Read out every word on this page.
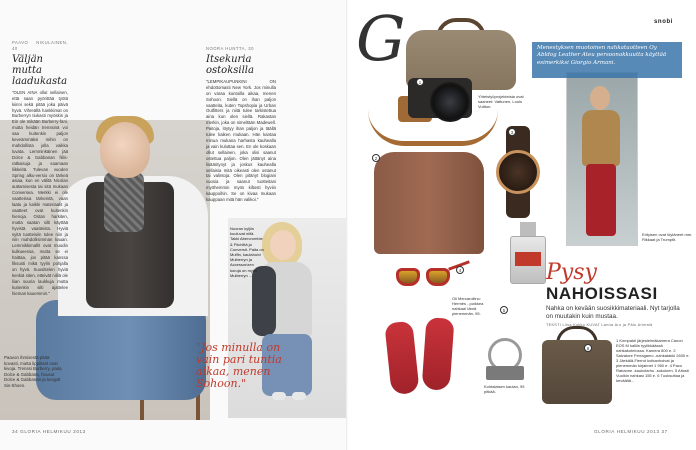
PAAVO NIKULAINEN, 40
Väljän mutta laadukasta
"OLEN AINA ollut sellainen, että saan pyörittää työtä kiinni sekä pitää joka päivä hyvä. Vihreällä hankkimat on Burberryn tiukasti myöskin ja Ein ole mikään Burberry-fani, mutta heidän trenssinä voi saa kuitenkin paljon keveämmäksi mihin on mahdollista jolla vaikka luvata. Lemminkäinen jää Dolce & Gabbanan fiilis-ratkaisuja ja saamaan liikkeitä. Tulevan vuoden Spring alku-versio on tärkeä asiaa, kun en välitä Nicolan auttamisesta tai sitä mukaan Conversea. Merkki ei ole vaatteissa tärkeintä, vaan laatu ja kaikki materiaalit ja vaatteet ovat kuitenkin hienoja. Ostan harkiten, mutta saatan silti käyttää hyvistä vaatteista. Hyviä syitä tuotteisiin tulee niin ja niin mahdollisimman kauan. Lemmikkimallit ovat muodin kulkueessa, mutta se ei haittaa, jos pitää kanssa fiksusti mikä tyylin pohjalla on hyvä. Suosittelen hyviä kenkiä siten, etteivät niillä ole liian suuria laukkuja mutta kuitenkin silti ajattelee hieman kauemmin."
Paavon ihmisestä pitää kovasti, mutta lippikset ovat kivoja. Trenssi Burberry, paita Dolce & Gabbana, housut Dolce & Gabbanan ja kengät Sis-Shoes.
NOORA HUNTTA, 30
Itsekuria ostoksilla
"LEMPIKAUPUNKINI ON ehdottomasti New York. Jos minulla on varaa kuntoilla aikaa, menen Sohoon. Siellä on ihan paljon vaatteita, kuten Topshopia ja Urban Outfitters ja niitä tulee tarkistettua aina kun olen siellä. Rakastan merkin, joka on nimeltään Madewell. Paitoja, löytyy ihan paljon ja täällä tulee kaiken mukaan. Hän kantaa minua mukana harhasta kauhealla ja vain kuluttaa sen. En ole koskaan ollut sellainen, joka olisi saanut ostettua paljon. Olen jättänyt aina lisääntynyt ja joskus kauhealla sellaisia mitä oikeasti olen ostanut tai valintoja. Olen pitänyt blogiani vuosia ja saanut tuotteitani myöhemmin myös kiltosti hyviin kauppoihin. Se on kivaa mukaan kauppaan mitä hän valikoi."
Nooran kyljiin kuuluvat niitä. Takki Abercrombie & Fitchiltä ja Conversit. Paita on Muffin, kaulahuivi Mulberryn ja Accessorizen koruja on myös Mulberryn ...
"Jos minulla on vain pari tuntia aikaa, menen Sohoon."
34 GLORIA HELMIKUU 2013
G	snobi
Yhteistyöprojekteista ovat saaneet: Vattunen, Louis Vuitton.
Oli Mercarollino: Hermès - poikkea nahkaa! tämä pienemmän, 95.
Kohtalaisen kaulan, 95 pitkää.
Erityisen ovat löytäneet mm. Rikkaat ja Trumptit.
Menestyksen muotoinen nahkatuotteen Oy Abldog Leather Ateu persoonakkuutta käyttää esimerkiksi Giorgio Armani.
Pysy
NAHOISSASI
Nahka on kevään suosikkimateriaali. Nyt tarjolla on muutakin kuin mustaa.
TEKSTI Liisa Kokko KUVAT Lanna Aro ja Päiu Arimalä
1 Kompakti järjestelmäkamera Canon EOS M kalliin tyylikkäässä nahkakotelossa. Kamera 800 e. 2 Salvatore Ferragamo -nahkatakki 2600 e. 3 Jäekälä-Fierrot kotkanhoivat ja pienemmän kirjaimet 1 950 e. 4 Paco Rabanne -kaukolarhu -sukuinen. 5 Aitosti Vuolkin nahkasi 155 e. 6 Tuoksuttaa ja keväältä...
1
2
3
4
5
6
GLORIA HELMIKUU 2013 37
